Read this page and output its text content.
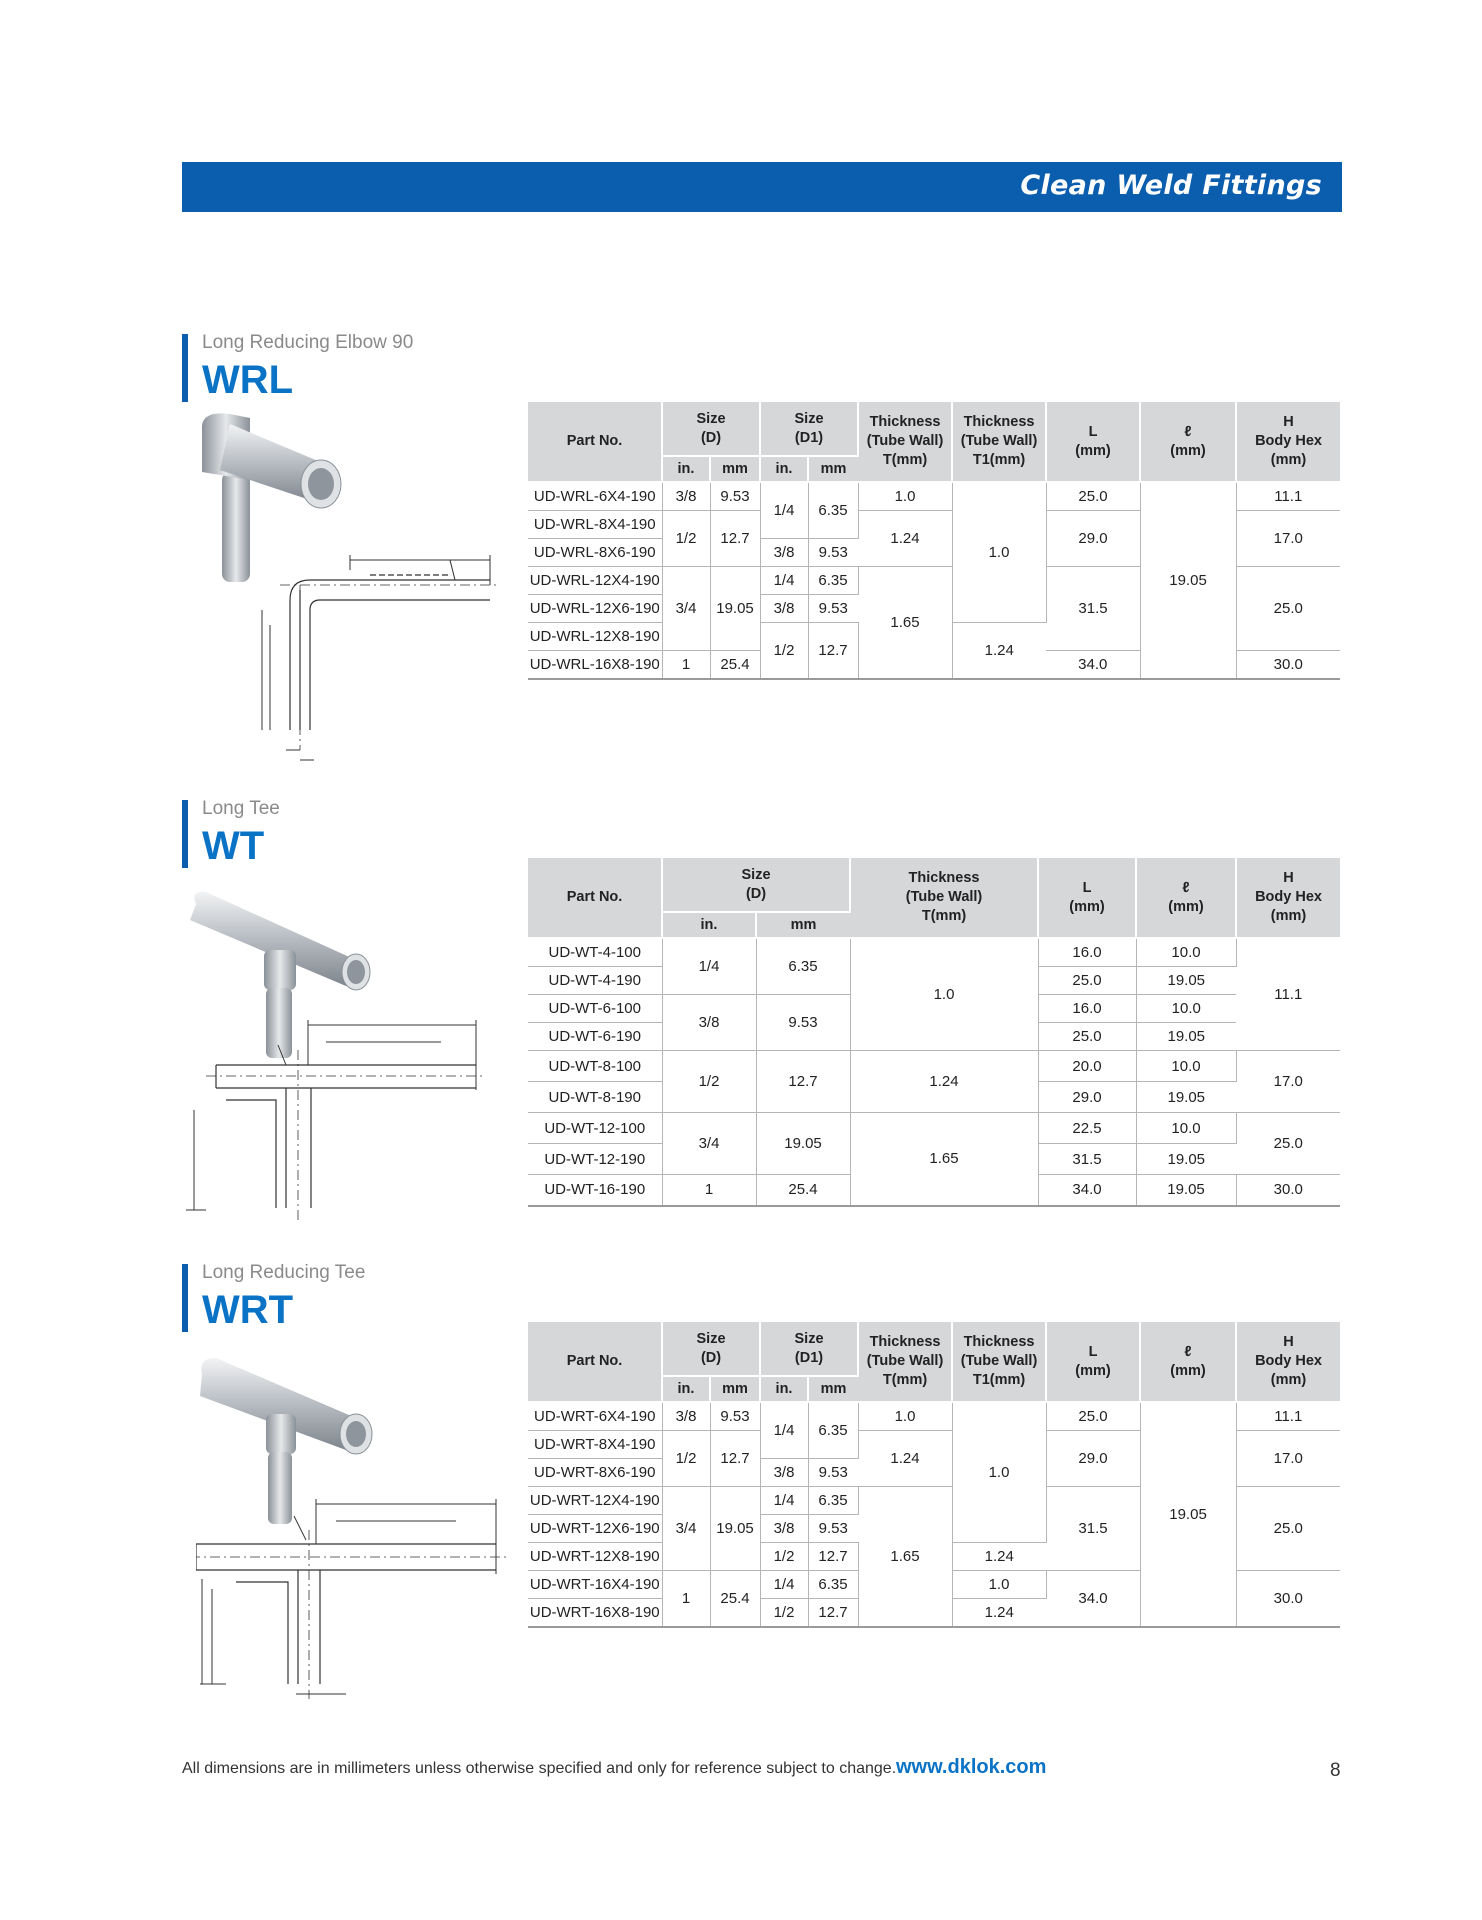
Clean Weld Fittings
Long Reducing Elbow 90
WRL
Part No.	Size
(D)		Size
(D1)		Thickness
(Tube Wall)
T(mm)	Thickness
(Tube Wall)
T1(mm)	L
(mm)	ℓ
(mm)	H
Body Hex
(mm)
	in.	mm	in.	mm					
UD-WRL-6X4-190	3/8	9.53	1/4	6.35	1.0	1.0	25.0	19.05	11.1
UD-WRL-8X4-190	1/2	12.7			1.24		29.0		17.0
UD-WRL-8X6-190			3/8	9.53					
UD-WRL-12X4-190	3/4	19.05	1/4	6.35	1.65		31.5		25.0
UD-WRL-12X6-190			3/8	9.53					
UD-WRL-12X8-190			1/2	12.7		1.24			
UD-WRL-16X8-190	1	25.4					34.0		30.0
Long Tee
WT
Part No.	Size
(D)		Thickness
(Tube Wall)
T(mm)	L
(mm)	ℓ
(mm)	H
Body Hex
(mm)
	in.	mm				
UD-WT-4-100	1/4	6.35	1.0	16.0	10.0	11.1
UD-WT-4-190				25.0	19.05	
UD-WT-6-100	3/8	9.53		16.0	10.0	
UD-WT-6-190				25.0	19.05	
UD-WT-8-100	1/2	12.7	1.24	20.0	10.0	17.0
UD-WT-8-190				29.0	19.05	
UD-WT-12-100	3/4	19.05	1.65	22.5	10.0	25.0
UD-WT-12-190				31.5	19.05	
UD-WT-16-190	1	25.4		34.0	19.05	30.0
Long Reducing Tee
WRT
Part No.	Size
(D)		Size
(D1)		Thickness
(Tube Wall)
T(mm)	Thickness
(Tube Wall)
T1(mm)	L
(mm)	ℓ
(mm)	H
Body Hex
(mm)
	in.	mm	in.	mm					
UD-WRT-6X4-190	3/8	9.53	1/4	6.35	1.0	1.0	25.0	19.05	11.1
UD-WRT-8X4-190	1/2	12.7			1.24		29.0		17.0
UD-WRT-8X6-190			3/8	9.53					
UD-WRT-12X4-190	3/4	19.05	1/4	6.35	1.65		31.5		25.0
UD-WRT-12X6-190			3/8	9.53					
UD-WRT-12X8-190			1/2	12.7		1.24			
UD-WRT-16X4-190	1	25.4	1/4	6.35		1.0	34.0		30.0
UD-WRT-16X8-190			1/2	12.7		1.24			
All dimensions are in millimeters unless otherwise specified and only for reference subject to change. www.dklok.com	8
